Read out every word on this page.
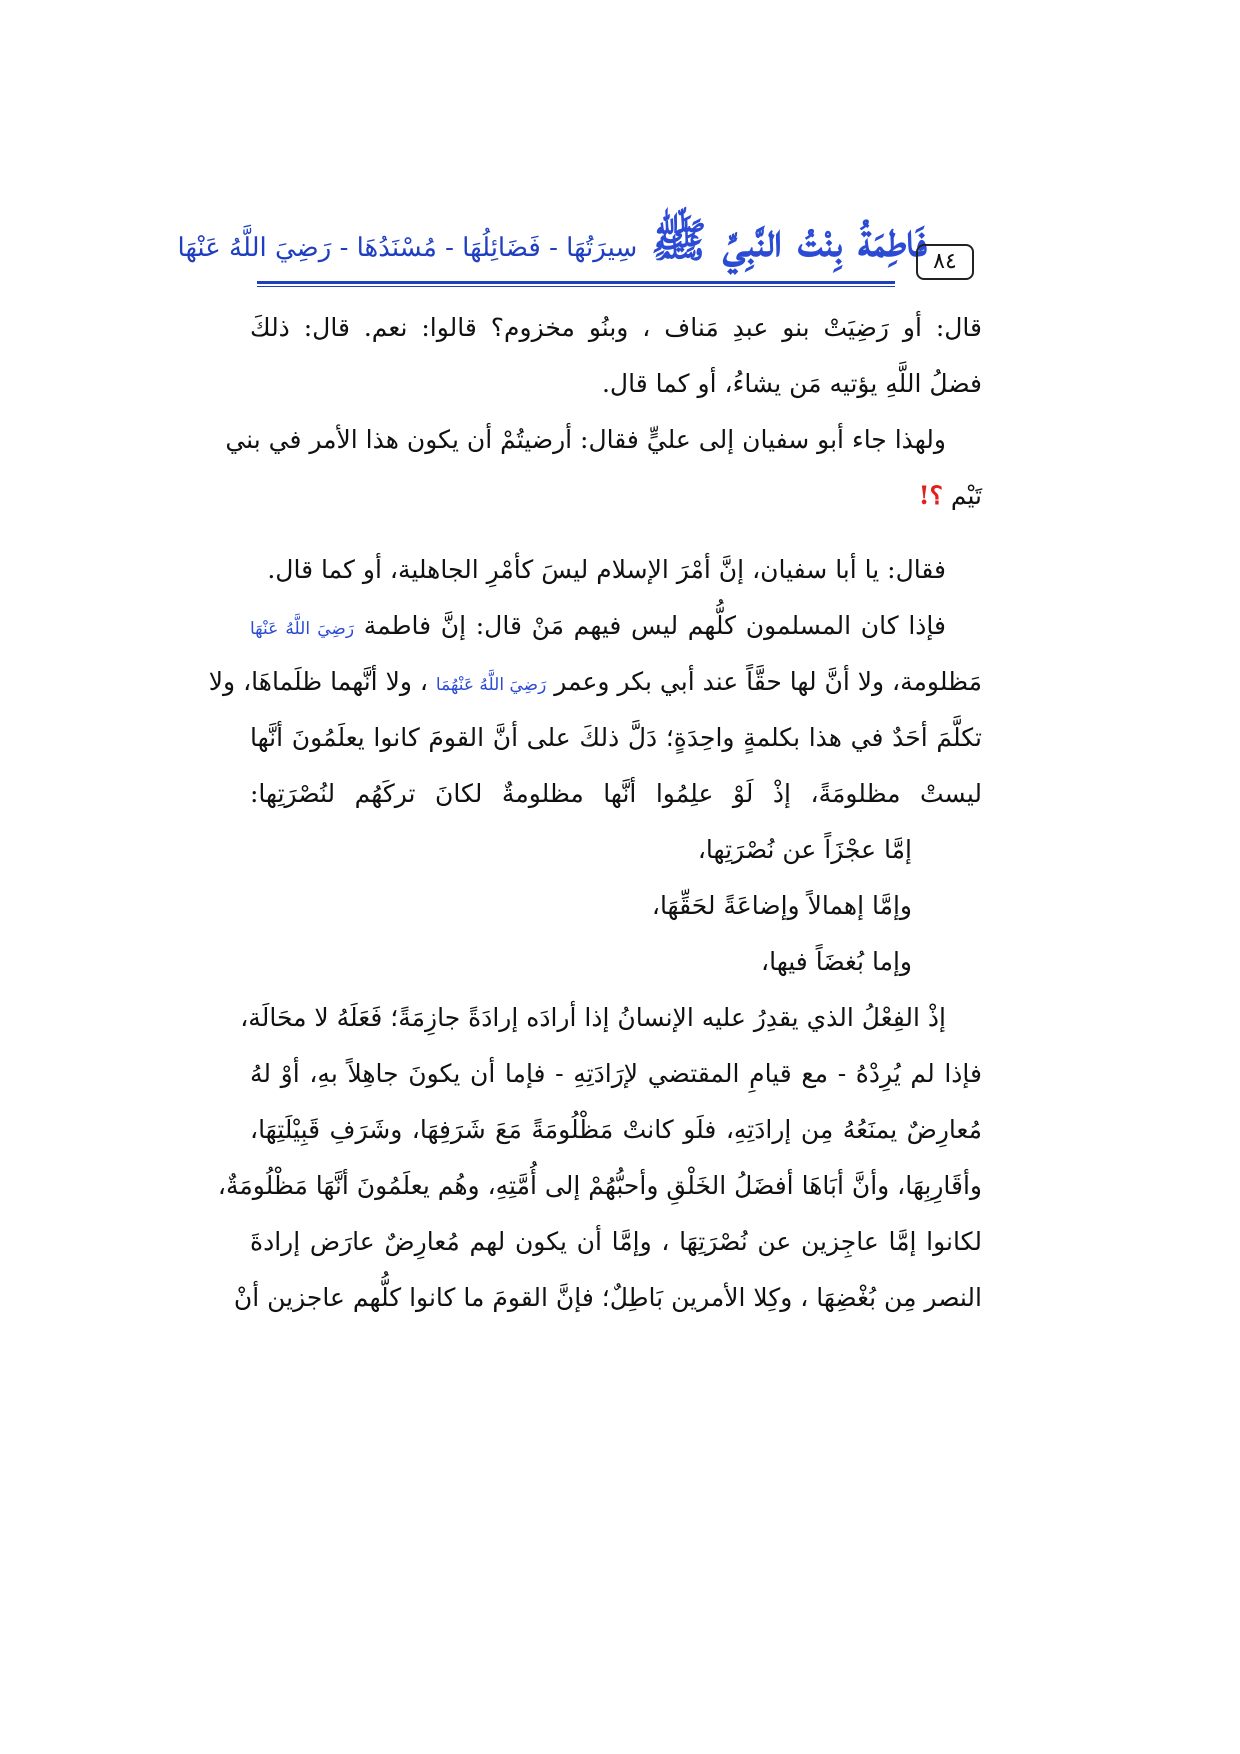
فَاطِمَةُ بِنْتُ النَّبِيِّ ﷺ سِيرَتُهَا - فَضَائِلُهَا - مُسْنَدُهَا - رَضِيَ اللَّهُ عَنْهَا	٨٤
قال: أو رَضِيَتْ بنو عبدِ مَناف ، وبنُو مخزوم؟ قالوا: نعم. قال: ذلكَ
فضلُ اللَّهِ يؤتيه مَن يشاءُ، أو كما قال.
ولهذا جاء أبو سفيان إلى عليٍّ فقال: أرضيتُمْ أن يكون هذا الأمر في بني
تَيْم ؟!
فقال: يا أبا سفيان، إنَّ أمْرَ الإسلام ليسَ كأمْرِ الجاهلية، أو كما قال.
فإذا كان المسلمون كلُّهم ليس فيهم مَنْ قال: إنَّ فاطمة رَضِيَ اللَّهُ عَنْهَا
مَظلومة، ولا أنَّ لها حقَّاً عند أبي بكر وعمر رَضِيَ اللَّهُ عَنْهُمَا ، ولا أنَّهما ظلَماهَا، ولا
تكلَّمَ أحَدٌ في هذا بكلمةٍ واحِدَةٍ؛ دَلَّ ذلكَ على أنَّ القومَ كانوا يعلَمُونَ أنَّها
ليستْ مظلومَةً، إذْ لَوْ علِمُوا أنَّها مظلومةٌ لكانَ تركَهُم لنُصْرَتِها:
إمَّا عجْزَاً عن نُصْرَتِها،
وإمَّا إهمالاً وإضاعَةً لحَقِّهَا،
وإما بُغضَاً فيها،
إذْ الفِعْلُ الذي يقدِرُ عليه الإنسانُ إذا أرادَه إرادَةً جازِمَةً؛ فَعَلَهُ لا محَالَة،
فإذا لم يُرِدْهُ - مع قيامِ المقتضي لإرَادَتِهِ - فإما أن يكونَ جاهِلاً بهِ، أوْ لهُ
مُعارِضٌ يمنَعُهُ مِن إرادَتِهِ، فلَو كانتْ مَظْلُومَةً مَعَ شَرَفِهَا، وشَرَفِ قَبِيْلَتِهَا،
وأقَارِبِهَا، وأنَّ أبَاهَا أفضَلُ الخَلْقِ وأحبُّهُمْ إلى أُمَّتِهِ، وهُم يعلَمُونَ أنَّهَا مَظْلُومَةٌ،
لكانوا إمَّا عاجِزين عن نُصْرَتِهَا ، وإمَّا أن يكون لهم مُعارِضٌ عارَض إرادةَ
النصر مِن بُغْضِهَا ، وكِلا الأمرين بَاطِلٌ؛ فإنَّ القومَ ما كانوا كلُّهم عاجزين أنْ
